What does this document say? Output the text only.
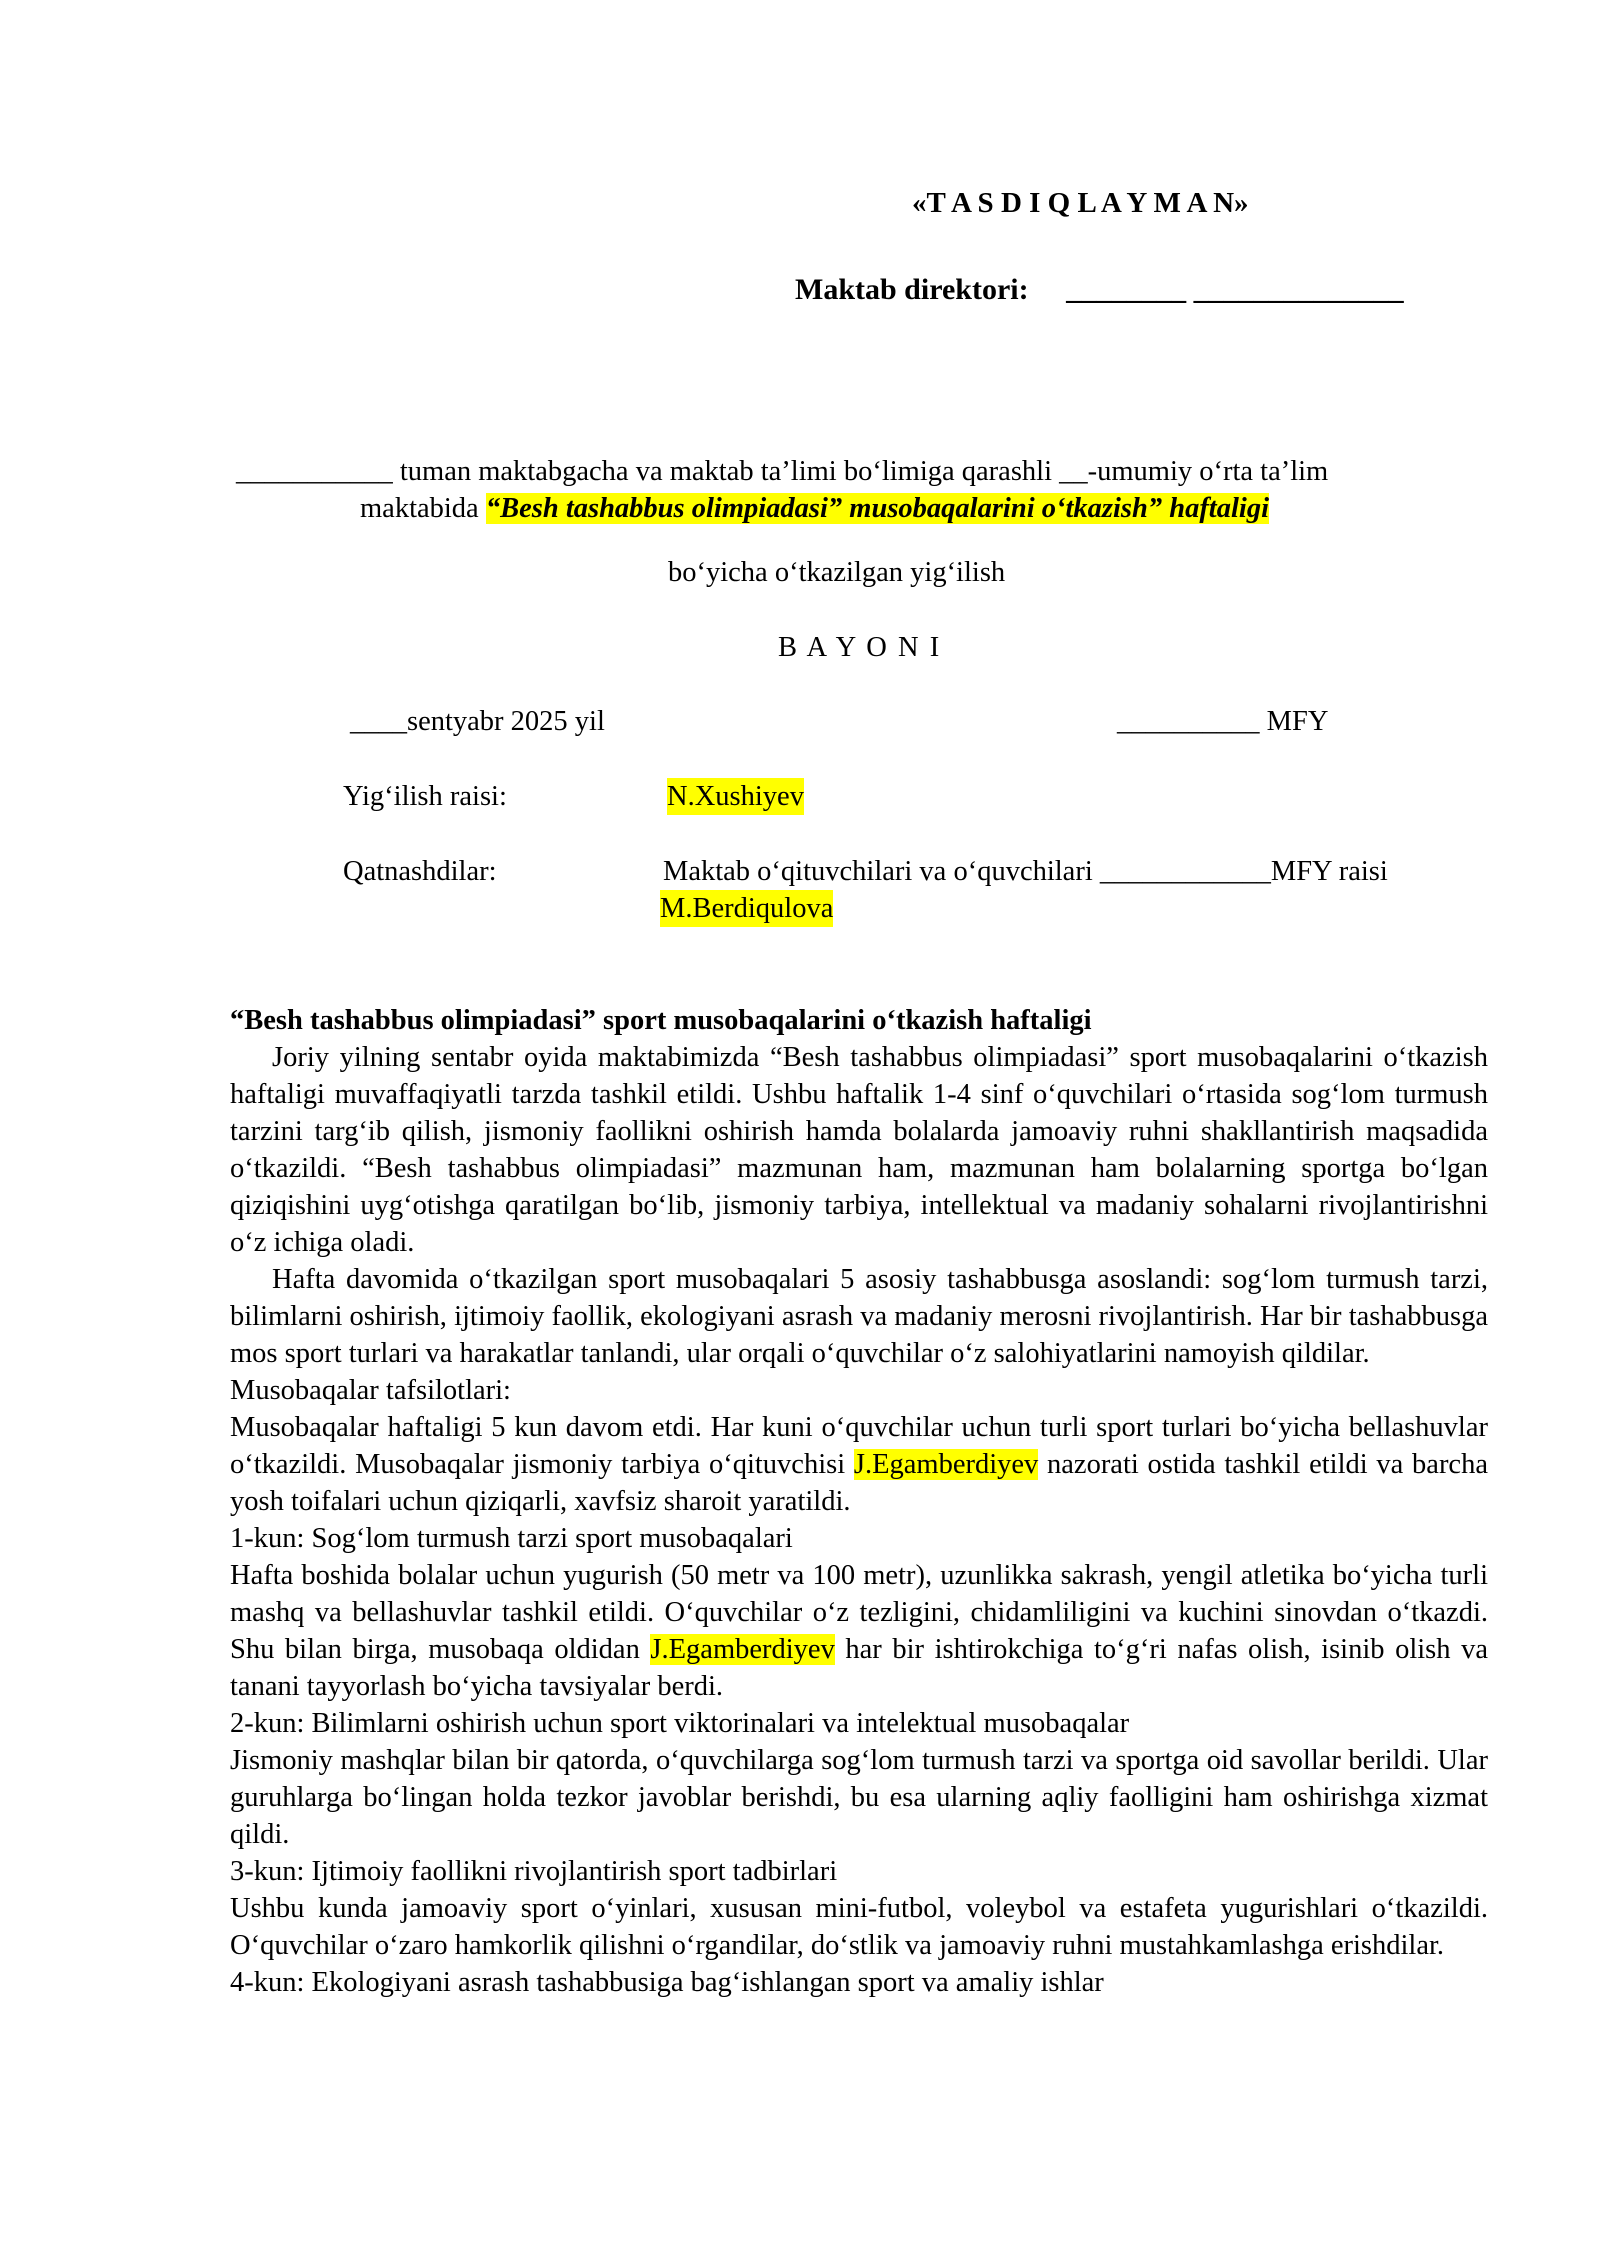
«T A S D I Q L A Y M A N»
Maktab direktori: ________ ______________
___________ tuman maktabgacha va maktab ta’limi bo‘limiga qarashli __-umumiy o‘rta ta’lim
maktabida “Besh tashabbus olimpiadasi” musobaqalarini o‘tkazish” haftaligi
bo‘yicha o‘tkazilgan yig‘ilish
B A Y O N I
____sentyabr 2025 yil	__________ MFY
Yig‘ilish raisi:	N.Xushiyev
Qatnashdilar:	Maktab o‘qituvchilari va o‘quvchilari ____________MFY raisi
M.Berdiqulova

“Besh tashabbus olimpiadasi” sport musobaqalarini o‘tkazish haftaligi

Joriy yilning sentabr oyida maktabimizda “Besh tashabbus olimpiadasi” sport musobaqalarini o‘tkazish haftaligi muvaffaqiyatli tarzda tashkil etildi. Ushbu haftalik 1-4 sinf o‘quvchilari o‘rtasida sog‘lom turmush tarzini targ‘ib qilish, jismoniy faollikni oshirish hamda bolalarda jamoaviy ruhni shakllantirish maqsadida o‘tkazildi. “Besh tashabbus olimpiadasi” mazmunan ham, mazmunan ham bolalarning sportga bo‘lgan qiziqishini uyg‘otishga qaratilgan bo‘lib, jismoniy tarbiya, intellektual va madaniy sohalarni rivojlantirishni o‘z ichiga oladi.

Hafta davomida o‘tkazilgan sport musobaqalari 5 asosiy tashabbusga asoslandi: sog‘lom turmush tarzi, bilimlarni oshirish, ijtimoiy faollik, ekologiyani asrash va madaniy merosni rivojlantirish. Har bir tashabbusga mos sport turlari va harakatlar tanlandi, ular orqali o‘quvchilar o‘z salohiyatlarini namoyish qildilar.

Musobaqalar tafsilotlari:

Musobaqalar haftaligi 5 kun davom etdi. Har kuni o‘quvchilar uchun turli sport turlari bo‘yicha bellashuvlar o‘tkazildi. Musobaqalar jismoniy tarbiya o‘qituvchisi J.Egamberdiyev nazorati ostida tashkil etildi va barcha yosh toifalari uchun qiziqarli, xavfsiz sharoit yaratildi.

1-kun: Sog‘lom turmush tarzi sport musobaqalari

Hafta boshida bolalar uchun yugurish (50 metr va 100 metr), uzunlikka sakrash, yengil atletika bo‘yicha turli mashq va bellashuvlar tashkil etildi. O‘quvchilar o‘z tezligini, chidamliligini va kuchini sinovdan o‘tkazdi. Shu bilan birga, musobaqa oldidan J.Egamberdiyev har bir ishtirokchiga to‘g‘ri nafas olish, isinib olish va tanani tayyorlash bo‘yicha tavsiyalar berdi.

2-kun: Bilimlarni oshirish uchun sport viktorinalari va intelektual musobaqalar

Jismoniy mashqlar bilan bir qatorda, o‘quvchilarga sog‘lom turmush tarzi va sportga oid savollar berildi. Ular guruhlarga bo‘lingan holda tezkor javoblar berishdi, bu esa ularning aqliy faolligini ham oshirishga xizmat qildi.

3-kun: Ijtimoiy faollikni rivojlantirish sport tadbirlari

Ushbu kunda jamoaviy sport o‘yinlari, xususan mini-futbol, voleybol va estafeta yugurishlari o‘tkazildi. O‘quvchilar o‘zaro hamkorlik qilishni o‘rgandilar, do‘stlik va jamoaviy ruhni mustahkamlashga erishdilar.

4-kun: Ekologiyani asrash tashabbusiga bag‘ishlangan sport va amaliy ishlar
